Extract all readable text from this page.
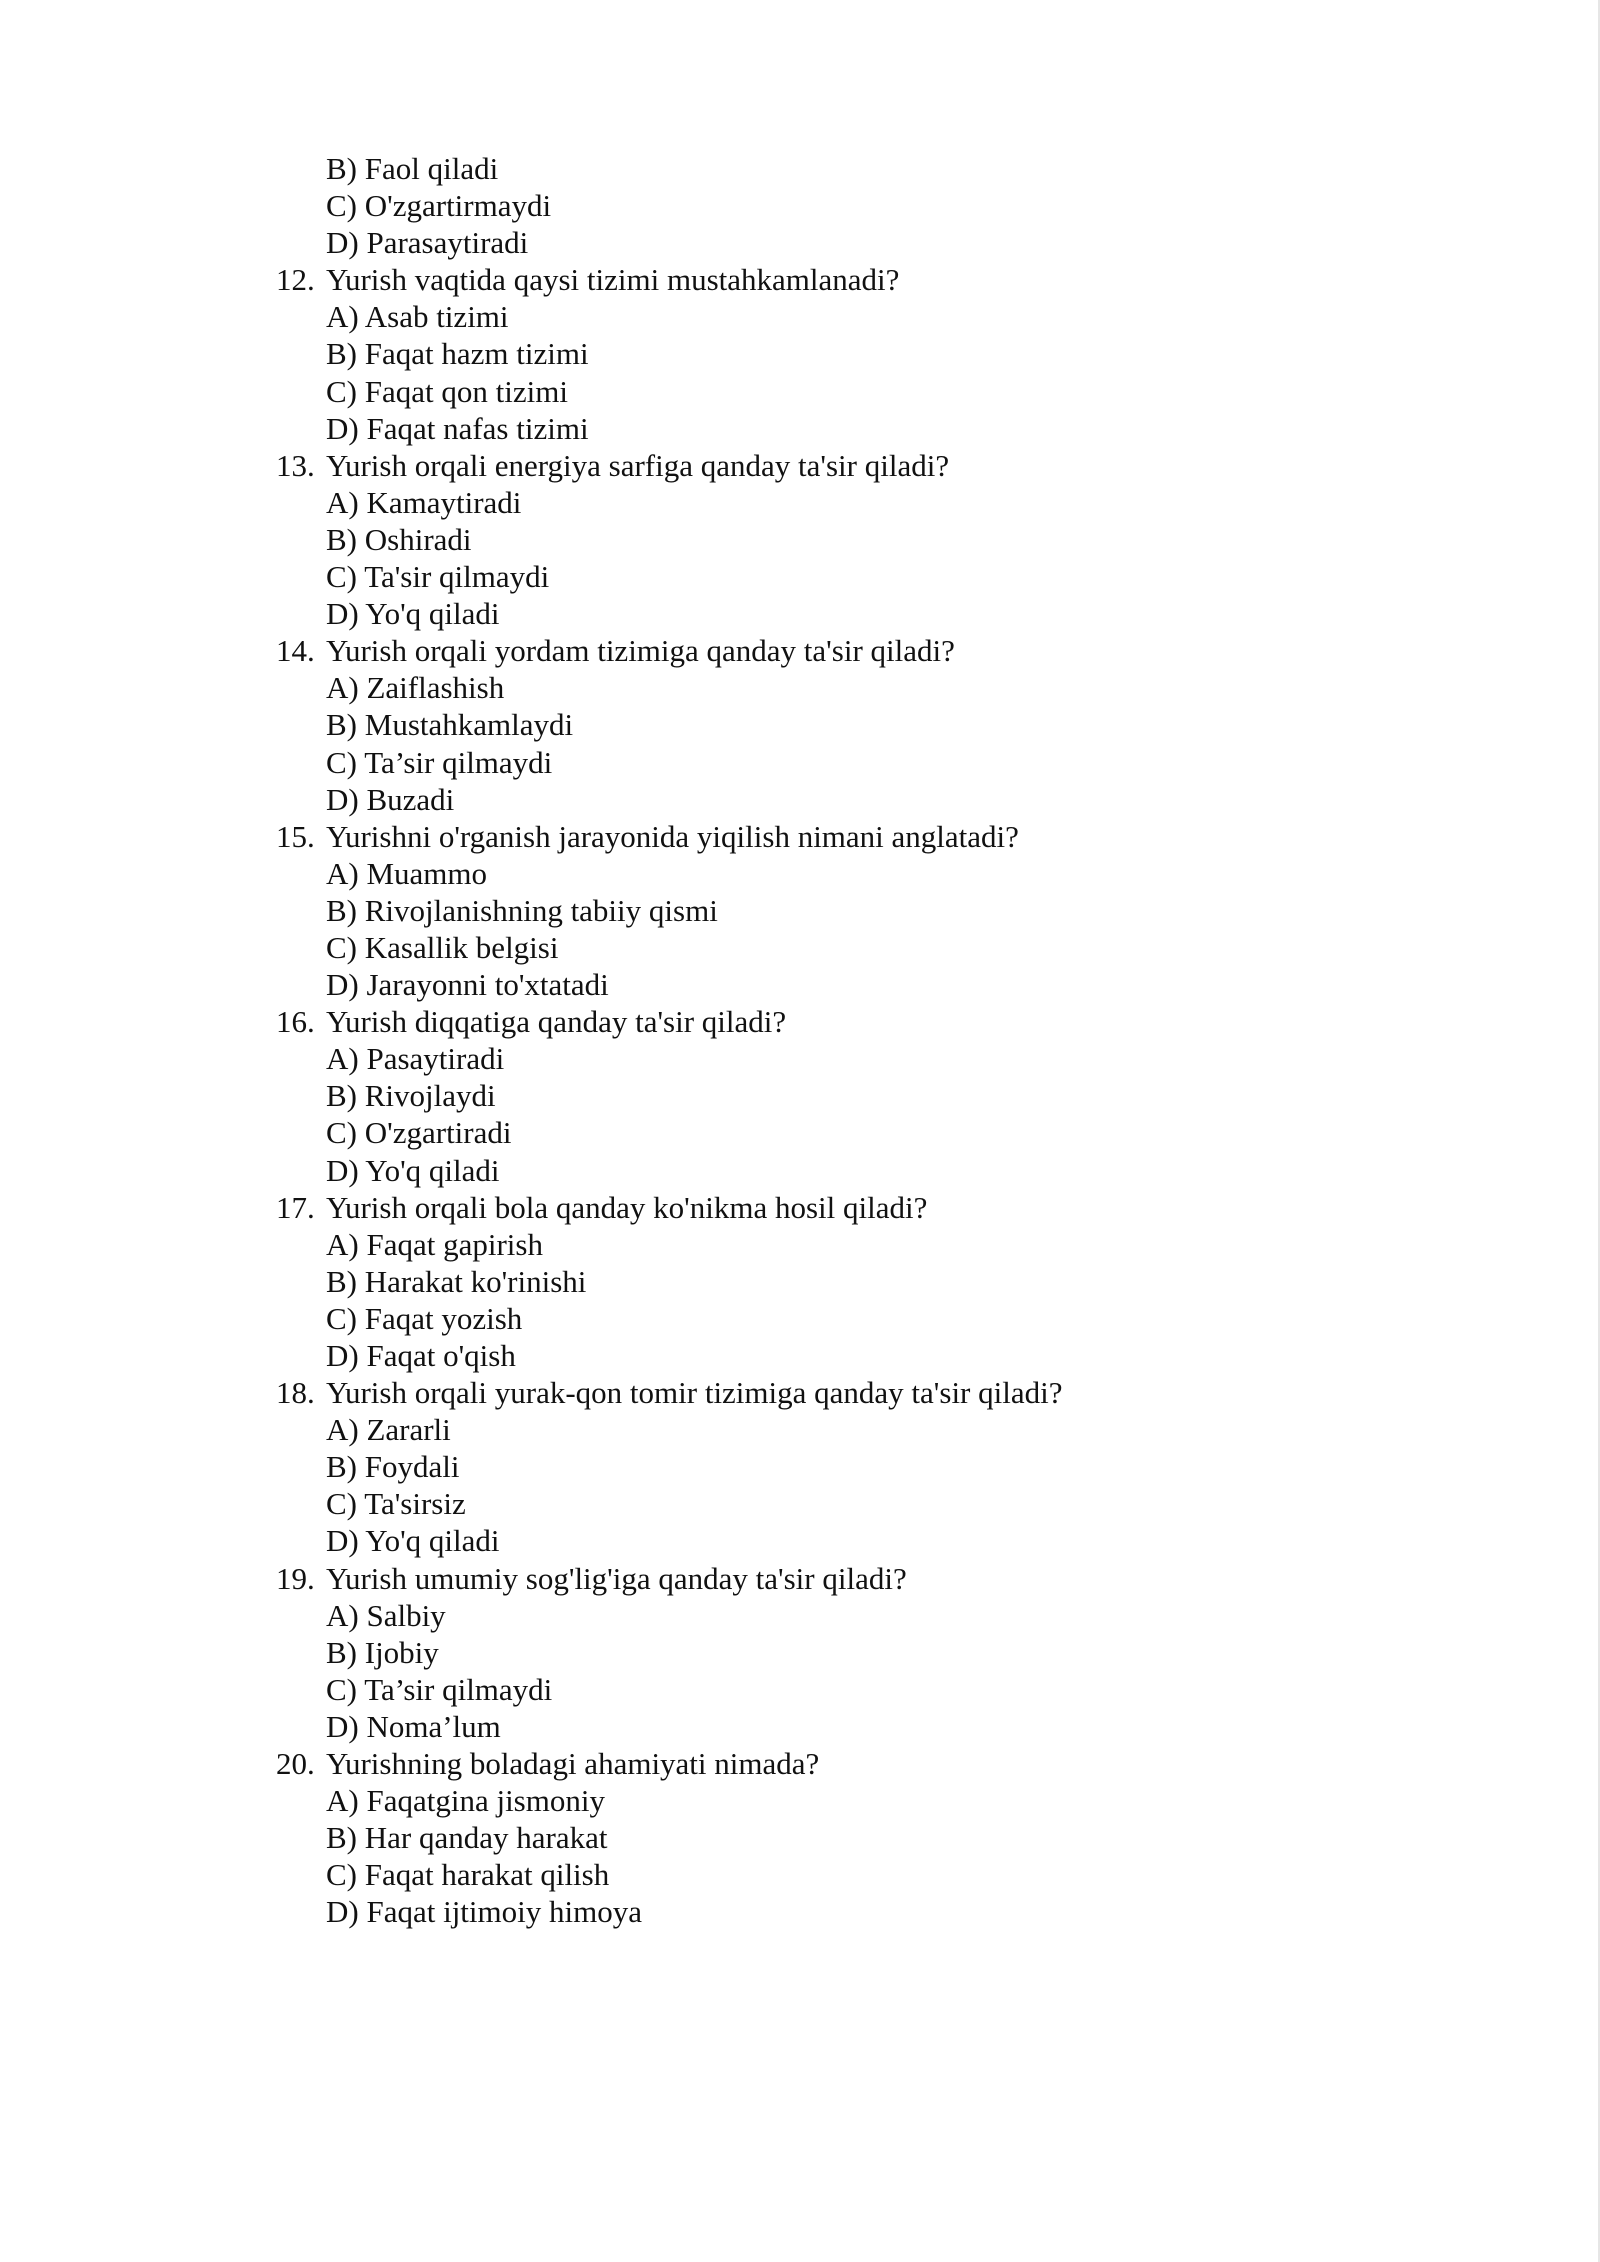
B) Faol qiladi
C) O'zgartirmaydi
D) Parasaytiradi
12. Yurish vaqtida qaysi tizimi mustahkamlanadi?
A) Asab tizimi
B) Faqat hazm tizimi
C) Faqat qon tizimi
D) Faqat nafas tizimi
13. Yurish orqali energiya sarfiga qanday ta'sir qiladi?
A) Kamaytiradi
B) Oshiradi
C) Ta'sir qilmaydi
D) Yo'q qiladi
14. Yurish orqali yordam tizimiga qanday ta'sir qiladi?
A) Zaiflashish
B) Mustahkamlaydi
C) Ta’sir qilmaydi
D) Buzadi
15. Yurishni o'rganish jarayonida yiqilish nimani anglatadi?
A) Muammo
B) Rivojlanishning tabiiy qismi
C) Kasallik belgisi
D) Jarayonni to'xtatadi
16. Yurish diqqatiga qanday ta'sir qiladi?
A) Pasaytiradi
B) Rivojlaydi
C) O'zgartiradi
D) Yo'q qiladi
17. Yurish orqali bola qanday ko'nikma hosil qiladi?
A) Faqat gapirish
B) Harakat ko'rinishi
C) Faqat yozish
D) Faqat o'qish
18. Yurish orqali yurak-qon tomir tizimiga qanday ta'sir qiladi?
A) Zararli
B) Foydali
C) Ta'sirsiz
D) Yo'q qiladi
19. Yurish umumiy sog'lig'iga qanday ta'sir qiladi?
A) Salbiy
B) Ijobiy
C) Ta’sir qilmaydi
D) Noma’lum
20. Yurishning boladagi ahamiyati nimada?
A) Faqatgina jismoniy
B) Har qanday harakat
C) Faqat harakat qilish
D) Faqat ijtimoiy himoya
